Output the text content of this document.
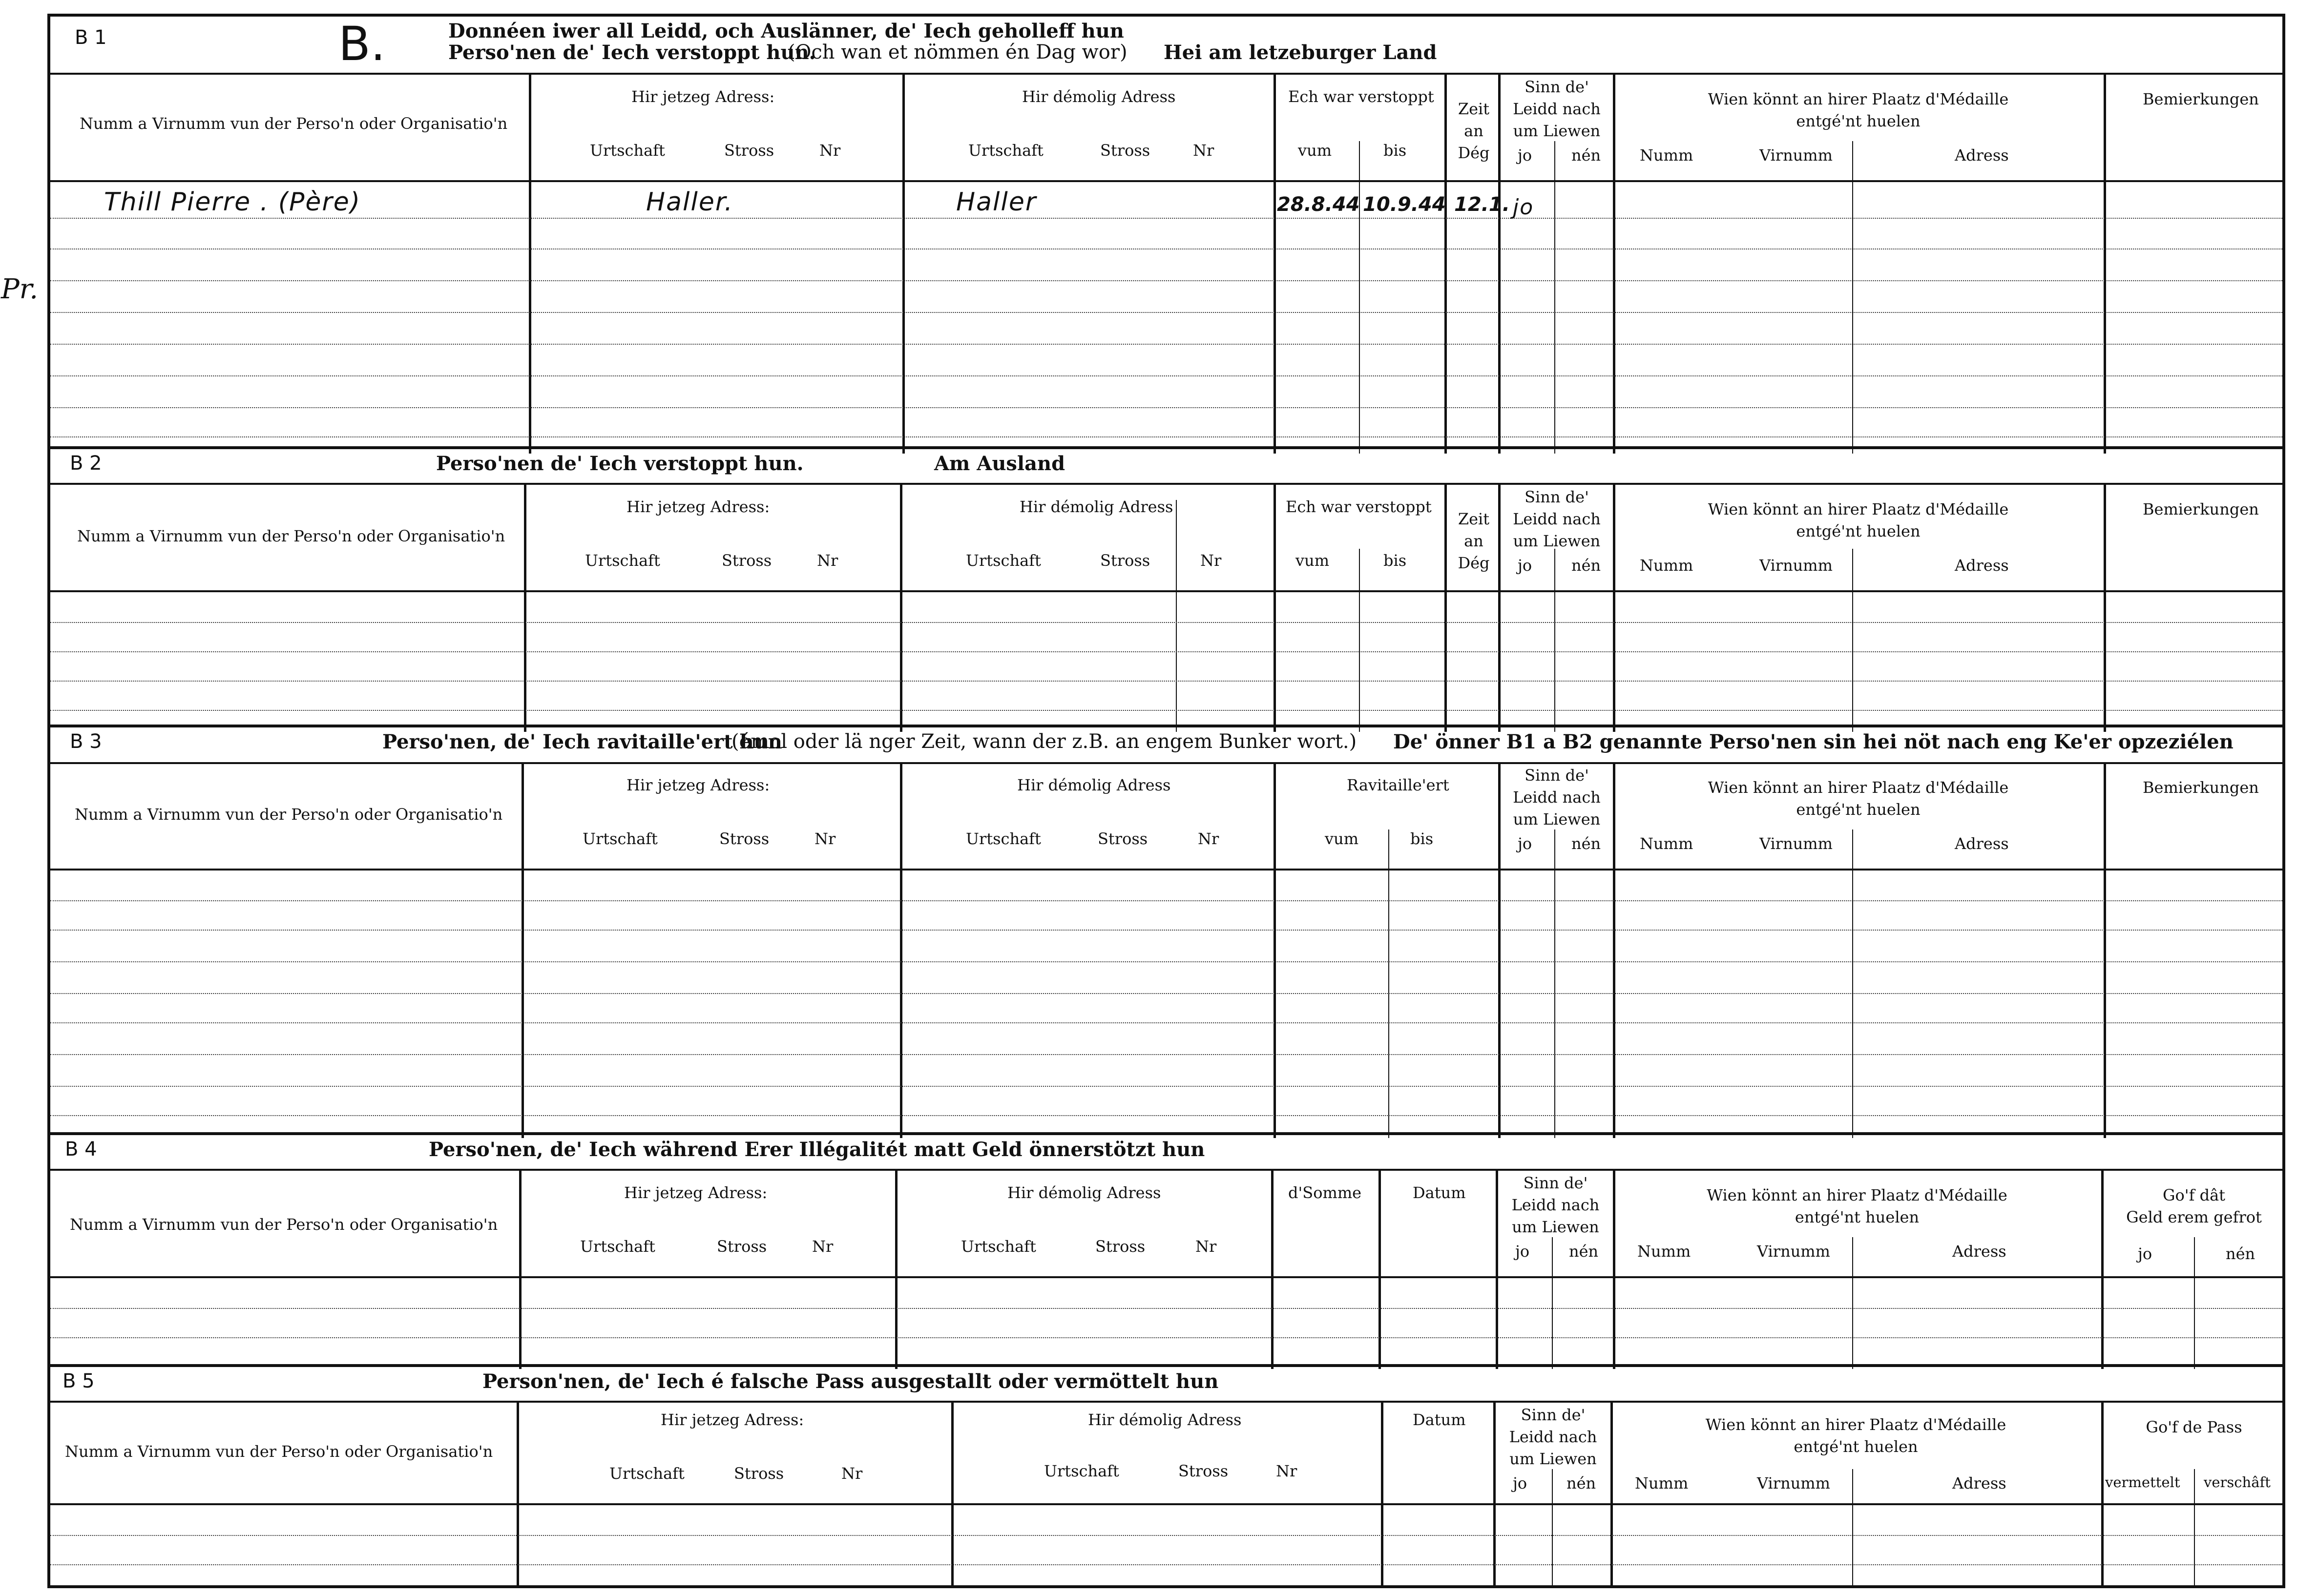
Pr.
B 1	B.	Donnéen iwer all Leidd, och Auslänner, de' Iech geholleff hun
Perso'nen de' Iech verstoppt hun.
(Och wan et nömmen én Dag wor) Hei am letzeburger Land
Numm a Virnumm vun der Perso'n oder Organisatio'n
Hir jetzeg Adress:
Urtschaft	Stross	Nr
Hir démolig Adress
Urtschaft	Stross	Nr
Ech war verstoppt
vum	bis
Zeit
an
Dég
Sinn de'
Leidd nach
um Liewen
jo	nén
Wien könnt an hirer Plaatz d'Médaille
entgé'nt huelen
Numm	Virnumm	Adress
Bemierkungen
Thill Pierre . (Père)	Haller.	Haller	28.8.44 10.9.44 12.1. jo
B 2	Perso'nen de' Iech verstoppt hun.	Am Ausland
Numm a Virnumm vun der Perso'n oder Organisatio'n
Hir jetzeg Adress:
Urtschaft	Stross	Nr
Hir démolig Adress
Urtschaft	Stross	Nr
Ech war verstoppt
vum	bis
Zeit
an
Dég
Sinn de'
Leidd nach
um Liewen
jo	nén
Wien könnt an hirer Plaatz d'Médaille
entgé'nt huelen
Numm	Virnumm	Adress
Bemierkungen
B 3	Perso'nen, de' Iech ravitaille'ert hun
(émol oder lä nger Zeit, wann der z.B. an engem Bunker wort.) De' önner B1 a B2 genannte Perso'nen sin hei nöt nach eng Ke'er opzeziélen
Numm a Virnumm vun der Perso'n oder Organisatio'n
Hir jetzeg Adress:
Urtschaft	Stross	Nr
Hir démolig Adress
Urtschaft	Stross	Nr
Ravitaille'ert
vum	bis
Sinn de'
Leidd nach
um Liewen
jo	nén
Wien könnt an hirer Plaatz d'Médaille
entgé'nt huelen
Numm	Virnumm	Adress
Bemierkungen
B 4	Perso'nen, de' Iech während Erer Illégalitét matt Geld önnerstötzt hun
Numm a Virnumm vun der Perso'n oder Organisatio'n
Hir jetzeg Adress:
Urtschaft	Stross	Nr
Hir démolig Adress
Urtschaft	Stross	Nr
d'Somme	Datum
Sinn de'
Leidd nach
um Liewen
jo	nén
Wien könnt an hirer Plaatz d'Médaille
entgé'nt huelen
Numm	Virnumm	Adress
Go'f dât
Geld erem gefrot
jo	nén
B 5	Person'nen, de' Iech é falsche Pass ausgestallt oder vermöttelt hun
Numm a Virnumm vun der Perso'n oder Organisatio'n
Hir jetzeg Adress:
Urtschaft	Stross	Nr
Hir démolig Adress
Urtschaft	Stross	Nr
Datum	Sinn de'
Leidd nach
um Liewen
jo	nén
Wien könnt an hirer Plaatz d'Médaille
entgé'nt huelen
Numm	Virnumm	Adress
Go'f de Pass
vermettelt verschâft
